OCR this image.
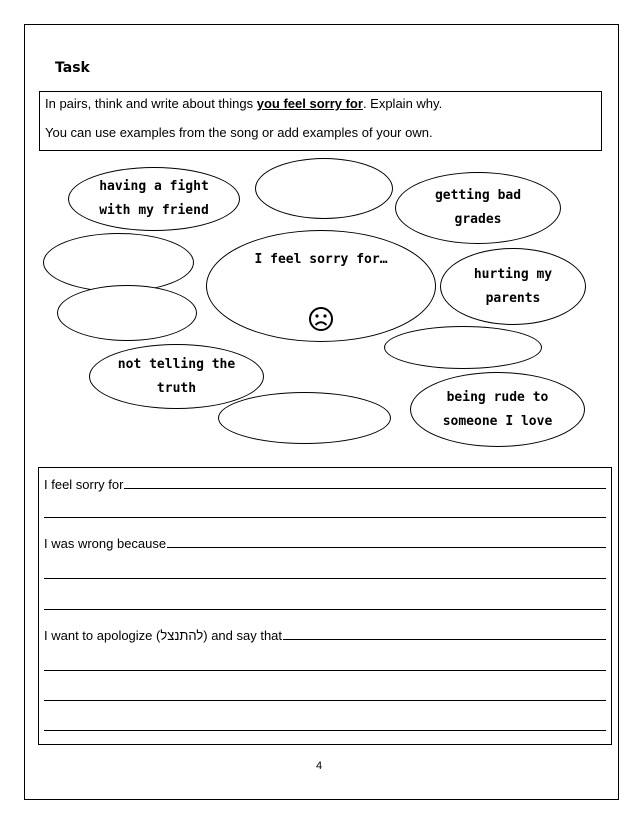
Task
In pairs, think and write about things you feel sorry for. Explain why.
You can use examples from the song or add examples of your own.
having a fight
with my friend
getting bad
grades
I feel sorry for…

hurting my
parents
not telling the
truth
being rude to
someone I love
I feel sorry for
I was wrong because
I want to apologize (להתנצל) and say that
4
